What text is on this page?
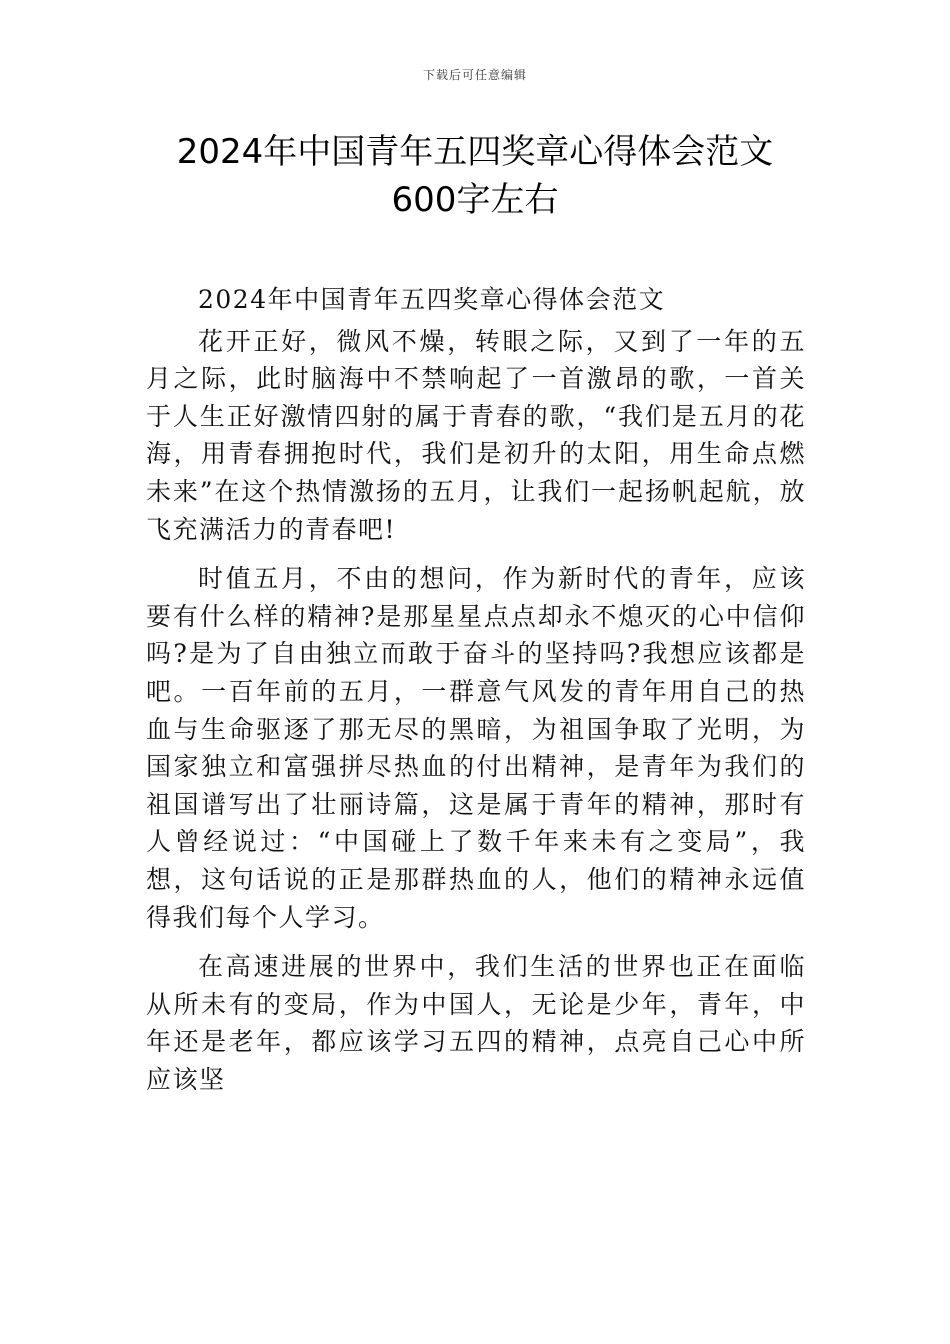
下载后可任意编辑
2024年中国青年五四奖章心得体会范文
600字左右

2024年中国青年五四奖章心得体会范文

花开正好，微风不燥，转眼之际，又到了一年的五月之际，此时脑海中不禁响起了一首激昂的歌，一首关于人生正好激情四射的属于青春的歌，“我们是五月的花海，用青春拥抱时代，我们是初升的太阳，用生命点燃未来”在这个热情激扬的五月，让我们一起扬帆起航，放飞充满活力的青春吧!

时值五月，不由的想问，作为新时代的青年，应该要有什么样的精神?是那星星点点却永不熄灭的心中信仰吗?是为了自由独立而敢于奋斗的坚持吗?我想应该都是吧。一百年前的五月，一群意气风发的青年用自己的热血与生命驱逐了那无尽的黑暗，为祖国争取了光明，为国家独立和富强拼尽热血的付出精神，是青年为我们的祖国谱写出了壮丽诗篇，这是属于青年的精神，那时有人曾经说过：“中国碰上了数千年来未有之变局”，我想，这句话说的正是那群热血的人，他们的精神永远值得我们每个人学习。

在高速进展的世界中，我们生活的世界也正在面临从所未有的变局，作为中国人，无论是少年，青年，中年还是老年，都应该学习五四的精神，点亮自己心中所应该坚
